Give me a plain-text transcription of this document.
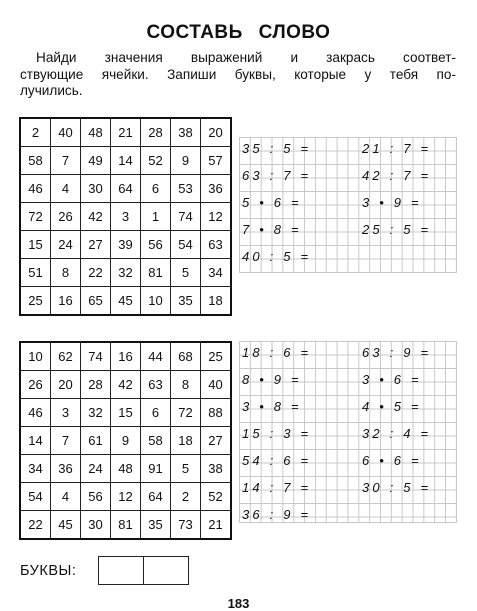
СОСТАВЬ СЛОВО
Найди значения выражений и закрась соответ-
ствующие ячейки. Запиши буквы, которые у тебя по-
лучились.
2	40	48	21	28	38	20
58	7	49	14	52	9	57
46	4	30	64	6	53	36
72	26	42	3	1	74	12
15	24	27	39	56	54	63
51	8	22	32	81	5	34
25	16	65	45	10	35	18
10	62	74	16	44	68	25
26	20	28	42	63	8	40
46	3	32	15	6	72	88
14	7	61	9	58	18	27
34	36	24	48	91	5	38
54	4	56	12	64	2	52
22	45	30	81	35	73	21
35 : 5 =
63 : 7 =
5 • 6 =
7 • 8 =
40 : 5 =
21 : 7 =
42 : 7 =
3 • 9 =
25 : 5 =
18 : 6 =
8 • 9 =
3 • 8 =
15 : 3 =
54 : 6 =
14 : 7 =
36 : 9 =
63 : 9 =
3 • 6 =
4 • 5 =
32 : 4 =
6 • 6 =
30 : 5 =
БУКВЫ:
183
